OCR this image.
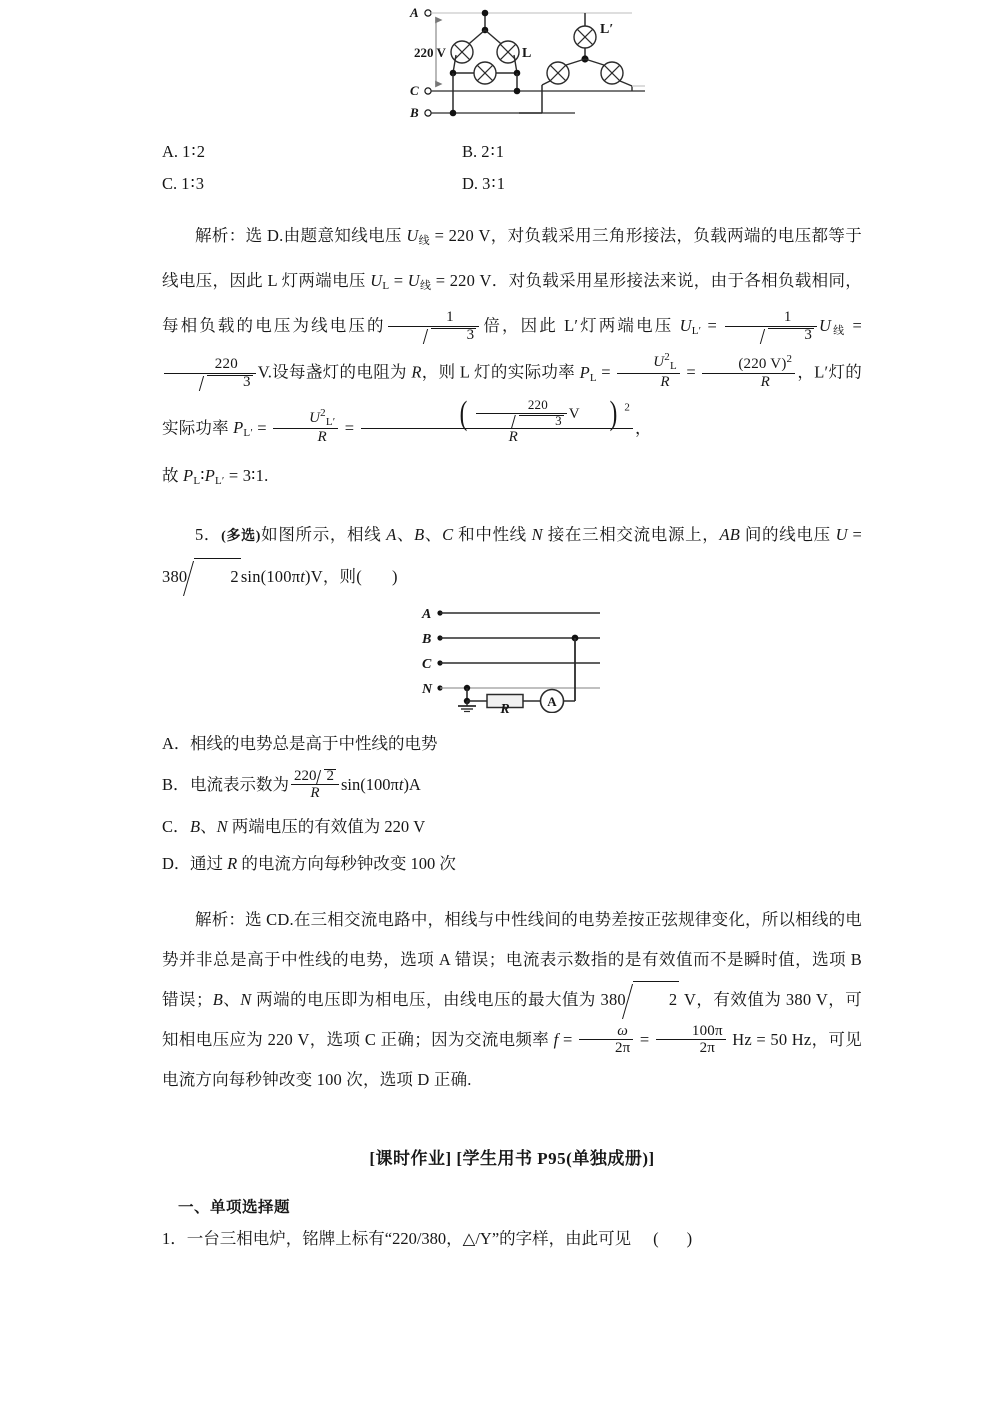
A
C
B
220 V	L
L′
A. 1∶2	B. 2∶1
C. 1∶3	D. 3∶1
解析：选 D.由题意知线电压 $U_线 = 220$ V，对负载采用三角形接法，负载两端的电压都等于线电压，因此 L 灯两端电压 $U_L = U_线 = 220$ V．对负载采用星形接法来说，由于各相负载相同，每相负载的电压为线电压的 $\frac{1}{3}$ 倍，因此 L′灯两端电压 $U_{L'} = \frac{1}{3} U_线$ =
$\frac{220}{3} V$.设每盏灯的电阻为 R，则 L 灯的实际功率 $P_L = \frac{U^2_L}{R} = \frac{(220 V)^2}{R}$ ，L′灯的实际功率 $P_{L'} = \frac{U^2_{L'}}{R} = \frac{( \frac{220}{3} V ) ^2}{R}$ ，
故 $P_L∶P_{L'}$ = 3∶1.
5．(多选)如图所示，相线 A、B、C 和中性线 N 接在三相交流电源上，AB 间的线电压 U = 380	2 sin(100πt)V，则( )
A
B
C
N
A
R
A．相线的电势总是高于中性线的电势
B．电流表示数为 $\frac{220 2}{R} \sin(100\pi t)A$
C．B、N 两端电压的有效值为 220 V
D．通过 R 的电流方向每秒钟改变 100 次
解析：选 CD.在三相交流电路中，相线与中性线间的电势差按正弦规律变化，所以相线的电势并非总是高于中性线的电势，选项 A 错误；电流表示数指的是有效值而不是瞬时值，选项 B 错误；B、N 两端的电压即为相电压，由线电压的最大值为 380	2 V，有效值为 380 V，可知相电压应为 220 V，选项 C 正确；因为交流电频率 $f = \frac{\omega}{2\pi} = \frac{100\pi}{2\pi}$ Hz = 50 Hz，可见电流方向每秒钟改变 100 次，选项 D 正确.
[课时作业] [学生用书 P95(单独成册)]
一、单项选择题
1．一台三相电炉，铭牌上标有“220/380，△/Y”的字样，由此可见 ( )
